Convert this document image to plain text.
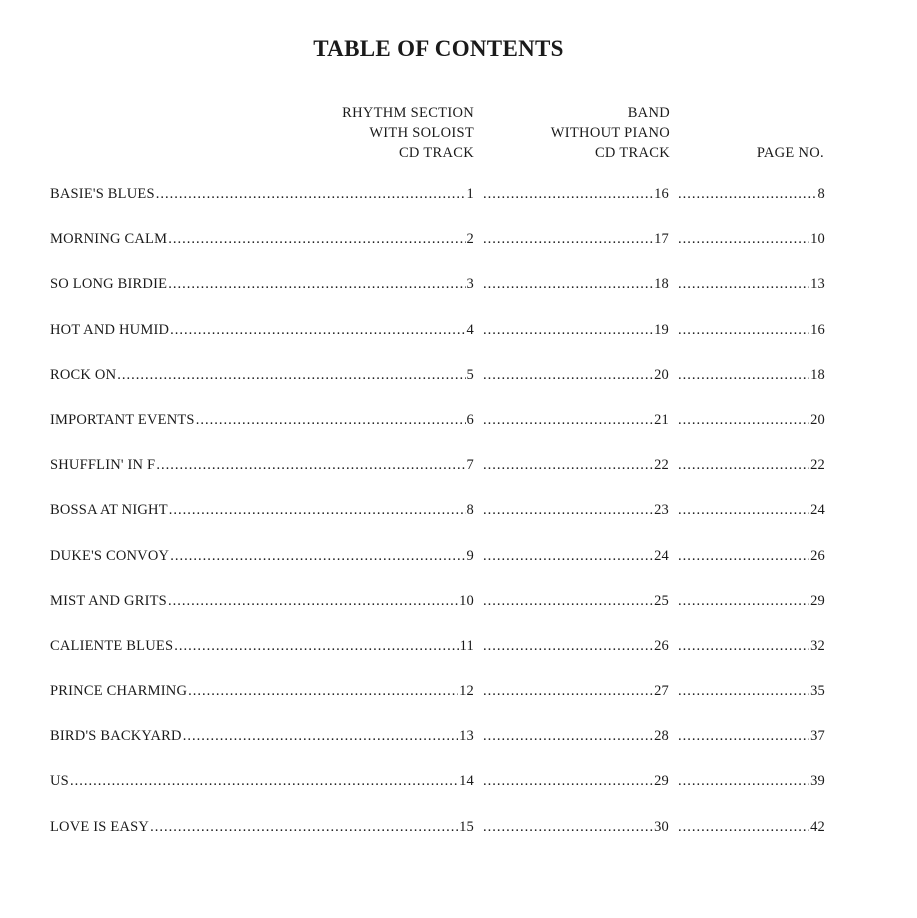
TABLE OF CONTENTS
RHYTHM SECTION
WITH SOLOIST
CD TRACK
BAND
WITHOUT PIANO
CD TRACK	PAGE NO.
BASIE'S BLUES .....	1 .....	16 .....	8
MORNING CALM .....	2 .....	17 .....	10
SO LONG BIRDIE .....	3 .....	18 .....	13
HOT AND HUMID .....	4 .....	19 .....	16
ROCK ON .....	5 .....	20 .....	18
IMPORTANT EVENTS .....	6 .....	21 .....	20
SHUFFLIN' IN F .....	7 .....	22 .....	22
BOSSA AT NIGHT .....	8 .....	23 .....	24
DUKE'S CONVOY .....	9 .....	24 .....	26
MIST AND GRITS .....	10 .....	25 .....	29
CALIENTE BLUES .....	11 .....	26 .....	32
PRINCE CHARMING .....	12 .....	27 .....	35
BIRD'S BACKYARD .....	13 .....	28 .....	37
US .....	14 .....	29 .....	39
LOVE IS EASY .....	15 .....	30 .....	42
